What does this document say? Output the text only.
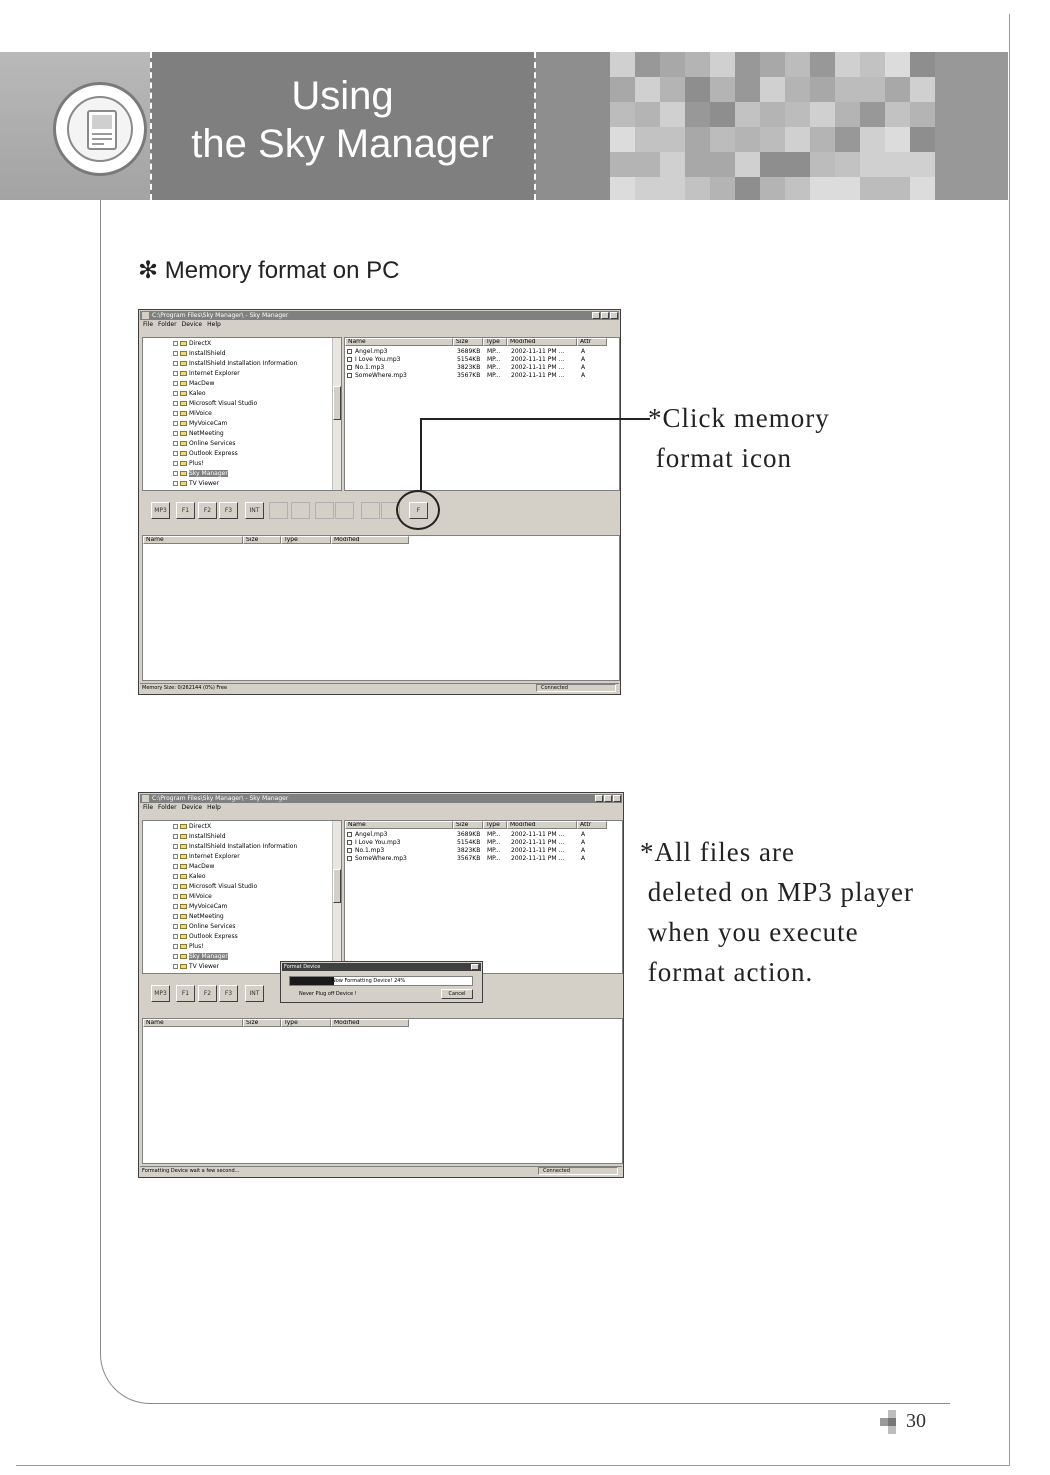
Using
the Sky Manager
✻ Memory format on PC
C:\Program Files\Sky Manager\ - Sky Manager
File Folder Device Help
DirectX
InstallShield
InstallShield Installation Information
Internet Explorer
MacDew
Kaleo
Microsoft Visual Studio
MiVoice
MyVoiceCam
NetMeeting
Online Services
Outlook Express
Plus!
Sky Manager
TV Viewer
Name	Size	Type	Modified	Attr
Angel.mp3	3689KB	MP...	2002-11-11 PM ...	A
I Love You.mp3	5154KB	MP...	2002-11-11 PM ...	A
No.1.mp3	3823KB	MP...	2002-11-11 PM ...	A
SomeWhere.mp3	3567KB	MP...	2002-11-11 PM ...	A
MP3	F1	F2	F3	INT	F
Name	Size	Type	Modified
Memory Size: 0/262144 (0%) Free	Connected
*Click memory
format icon
C:\Program Files\Sky Manager\ - Sky Manager
File Folder Device Help
DirectX
InstallShield
InstallShield Installation Information
Internet Explorer
MacDew
Kaleo
Microsoft Visual Studio
MiVoice
MyVoiceCam
NetMeeting
Online Services
Outlook Express
Plus!
Sky Manager
TV Viewer
Name	Size	Type	Modified	Attr
Angel.mp3	3689KB	MP...	2002-11-11 PM ...	A
I Love You.mp3	5154KB	MP...	2002-11-11 PM ...	A
No.1.mp3	3823KB	MP...	2002-11-11 PM ...	A
SomeWhere.mp3	3567KB	MP...	2002-11-11 PM ...	A
MP3	F1	F2	F3	INT
Name	Size	Type	Modified
Formatting Device wait a few second...	Connected
Format Device
Now Formatting Device! 24%
Never Plug off Device !	Cancel
*All files are
deleted on MP3 player
when you execute
format action.
30
